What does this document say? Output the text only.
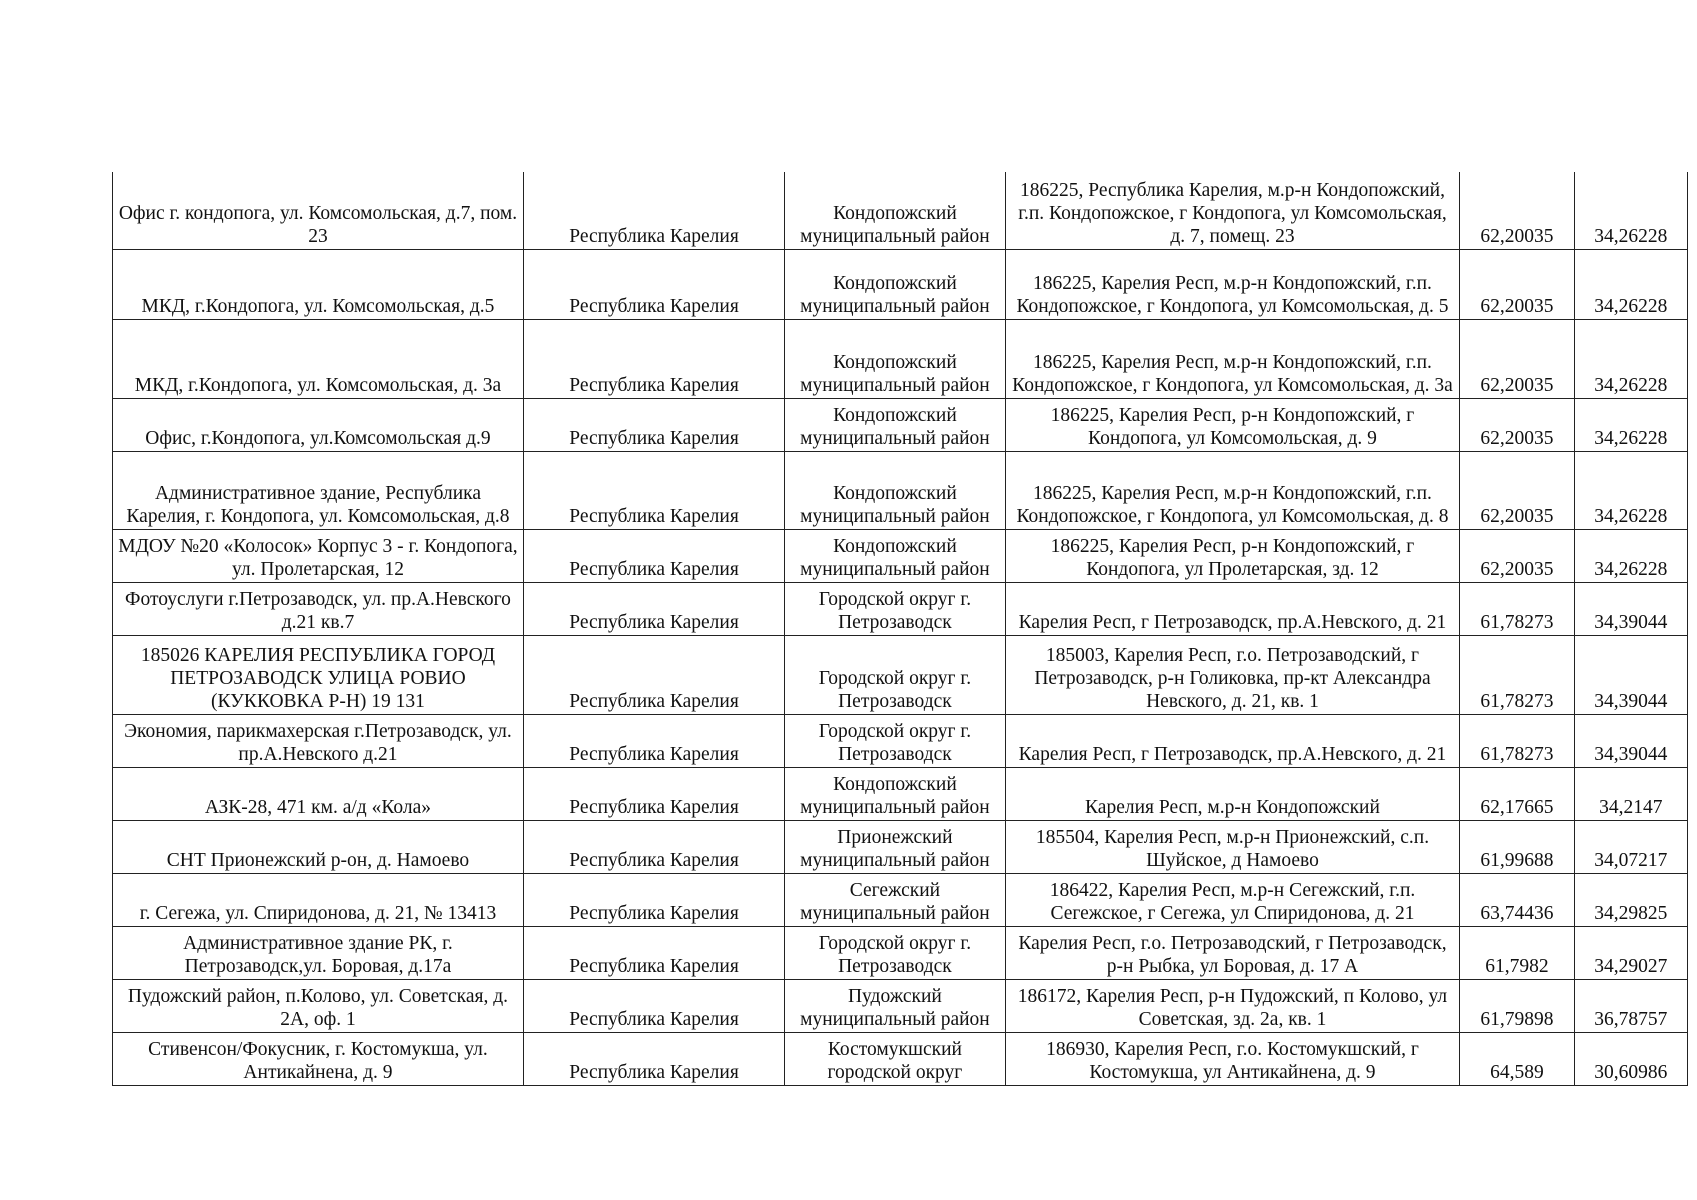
Офис г. кондопога, ул. Комсомольская, д.7, пом. 23	Республика Карелия	Кондопожский муниципальный район	186225, Республика Карелия, м.р-н Кондопожский, г.п. Кондопожское, г Кондопога, ул Комсомольская, д. 7, помещ. 23	62,20035	34,26228
МКД, г.Кондопога, ул. Комсомольская, д.5	Республика Карелия	Кондопожский муниципальный район	186225, Карелия Респ, м.р-н Кондопожский, г.п. Кондопожское, г Кондопога, ул Комсомольская, д. 5	62,20035	34,26228
МКД, г.Кондопога, ул. Комсомольская, д. 3а	Республика Карелия	Кондопожский муниципальный район	186225, Карелия Респ, м.р-н Кондопожский, г.п. Кондопожское, г Кондопога, ул Комсомольская, д. 3а	62,20035	34,26228
Офис, г.Кондопога, ул.Комсомольская д.9	Республика Карелия	Кондопожский муниципальный район	186225, Карелия Респ, р-н Кондопожский, г Кондопога, ул Комсомольская, д. 9	62,20035	34,26228
Административное здание, Республика Карелия, г. Кондопога, ул. Комсомольская, д.8	Республика Карелия	Кондопожский муниципальный район	186225, Карелия Респ, м.р-н Кондопожский, г.п. Кондопожское, г Кондопога, ул Комсомольская, д. 8	62,20035	34,26228
МДОУ №20 «Колосок» Корпус 3 - г. Кондопога, ул. Пролетарская, 12	Республика Карелия	Кондопожский муниципальный район	186225, Карелия Респ, р-н Кондопожский, г Кондопога, ул Пролетарская, зд. 12	62,20035	34,26228
Фотоуслуги г.Петрозаводск, ул. пр.А.Невского д.21 кв.7	Республика Карелия	Городской округ г. Петрозаводск	Карелия Респ, г Петрозаводск, пр.А.Невского, д. 21	61,78273	34,39044
185026 КАРЕЛИЯ РЕСПУБЛИКА ГОРОД ПЕТРОЗАВОДСК УЛИЦА РОВИО (КУККОВКА Р-Н) 19 131	Республика Карелия	Городской округ г. Петрозаводск	185003, Карелия Респ, г.о. Петрозаводский, г Петрозаводск, р-н Голиковка, пр-кт Александра Невского, д. 21, кв. 1	61,78273	34,39044
Экономия, парикмахерская г.Петрозаводск, ул. пр.А.Невского д.21	Республика Карелия	Городской округ г. Петрозаводск	Карелия Респ, г Петрозаводск, пр.А.Невского, д. 21	61,78273	34,39044
АЗК-28, 471 км. а/д «Кола»	Республика Карелия	Кондопожский муниципальный район	Карелия Респ, м.р-н Кондопожский	62,17665	34,2147
СНТ Прионежский р-он, д. Намоево	Республика Карелия	Прионежский муниципальный район	185504, Карелия Респ, м.р-н Прионежский, с.п. Шуйское, д Намоево	61,99688	34,07217
г. Сегежа, ул. Спиридонова, д. 21, № 13413	Республика Карелия	Сегежский муниципальный район	186422, Карелия Респ, м.р-н Сегежский, г.п. Сегежское, г Сегежа, ул Спиридонова, д. 21	63,74436	34,29825
Административное здание РК, г. Петрозаводск,ул. Боровая, д.17а	Республика Карелия	Городской округ г. Петрозаводск	Карелия Респ, г.о. Петрозаводский, г Петрозаводск, р-н Рыбка, ул Боровая, д. 17 А	61,7982	34,29027
Пудожский район, п.Колово, ул. Советская, д. 2А, оф. 1	Республика Карелия	Пудожский муниципальный район	186172, Карелия Респ, р-н Пудожский, п Колово, ул Советская, зд. 2а, кв. 1	61,79898	36,78757
Стивенсон/Фокусник, г. Костомукша, ул. Антикайнена, д. 9	Республика Карелия	Костомукшский городской округ	186930, Карелия Респ, г.о. Костомукшский, г Костомукша, ул Антикайнена, д. 9	64,589	30,60986
